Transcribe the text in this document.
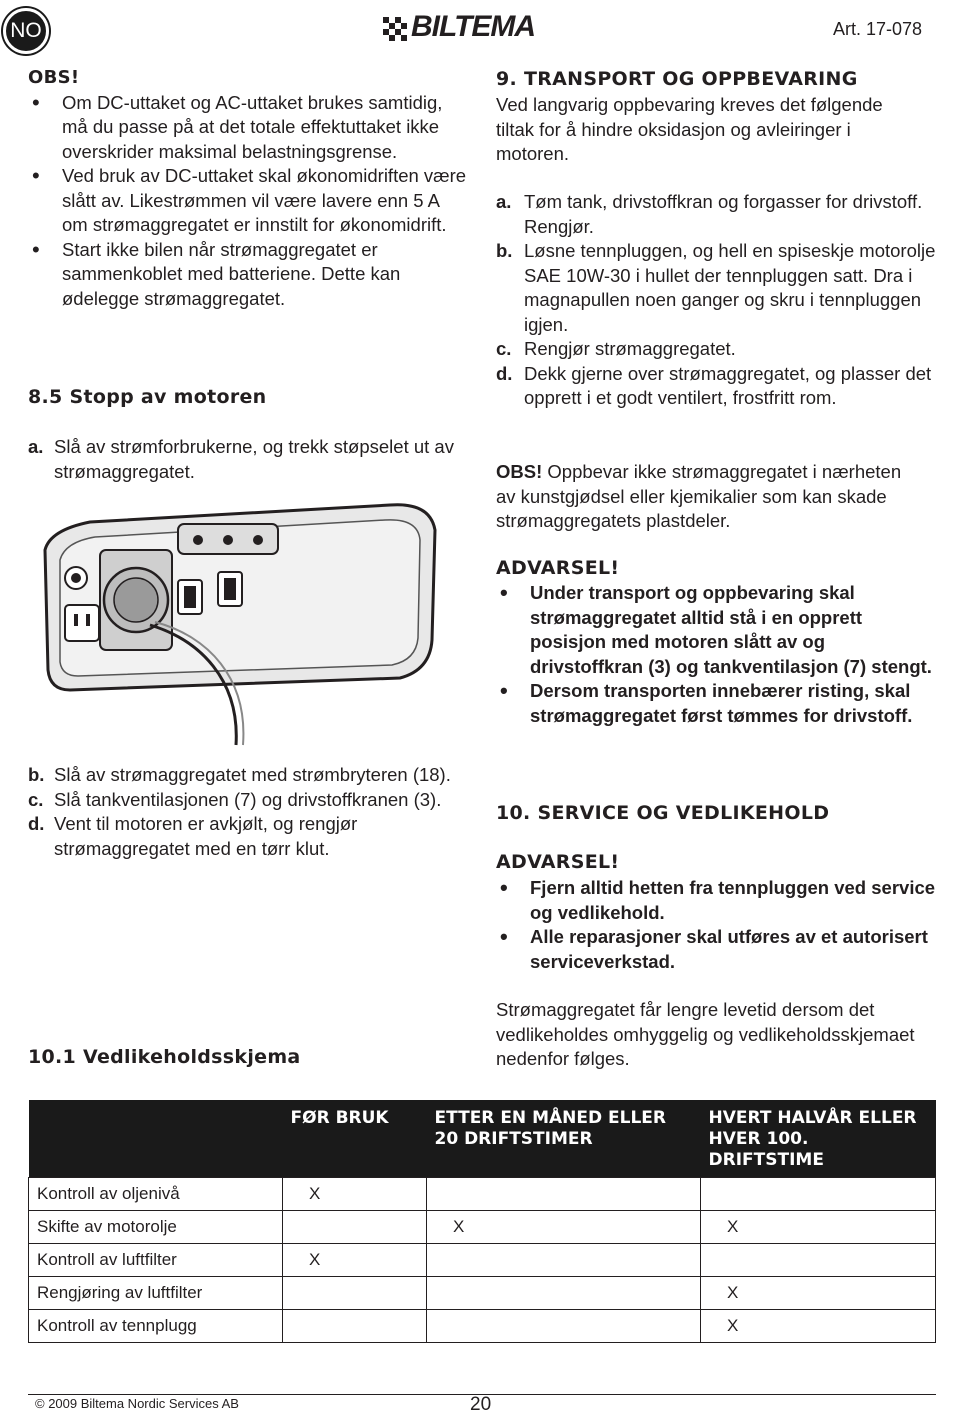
NO	BILTEMA	Art. 17-078
OBS!
• Om DC-uttaket og AC-uttaket brukes samtidig, må du passe på at det totale effektuttaket ikke overskrider maksimal belastningsgrense.
• Ved bruk av DC-uttaket skal økonomidriften være slått av. Likestrømmen vil være lavere enn 5 A om strømaggregatet er innstilt for økonomidrift.
• Start ikke bilen når strømaggregatet er sammenkoblet med batteriene. Dette kan ødelegge strømaggregatet.
8.5 Stopp av motoren
a. Slå av strømforbrukerne, og trekk støpselet ut av strømaggregatet.
b. Slå av strømaggregatet med strømbryteren (18).
c. Slå tankventilasjonen (7) og drivstoffkranen (3).
d. Vent til motoren er avkjølt, og rengjør strømaggregatet med en tørr klut.
10.1 Vedlikeholdsskjema
9. TRANSPORT OG OPPBEVARING
Ved langvarig oppbevaring kreves det følgende tiltak for å hindre oksidasjon og avleiringer i motoren.
a. Tøm tank, drivstoffkran og forgasser for drivstoff. Rengjør.
b. Løsne tennpluggen, og hell en spiseskje motorolje SAE 10W-30 i hullet der tennpluggen satt. Dra i magnapullen noen ganger og skru i tennpluggen igjen.
c. Rengjør strømaggregatet.
d. Dekk gjerne over strømaggregatet, og plasser det opprett i et godt ventilert, frostfritt rom.
OBS! Oppbevar ikke strømaggregatet i nærheten av kunstgjødsel eller kjemikalier som kan skade strømaggregatets plastdeler.
ADVARSEL!
• Under transport og oppbevaring skal strømaggregatet alltid stå i en opprett posisjon med motoren slått av og drivstoffkran (3) og tankventilasjon (7) stengt.
• Dersom transporten innebærer risting, skal strømaggregatet først tømmes for drivstoff.
10. SERVICE OG VEDLIKEHOLD
ADVARSEL!
• Fjern alltid hetten fra tennpluggen ved service og vedlikehold.
• Alle reparasjoner skal utføres av et autorisert serviceverkstad.
Strømaggregatet får lengre levetid dersom det vedlikeholdes omhyggelig og vedlikeholdsskjemaet nedenfor følges.
	FØR BRUK	ETTER EN MÅNED ELLER 20 DRIFTSTIMER	HVERT HALVÅR ELLER HVER 100. DRIFTSTIME
Kontroll av oljenivå	X		
Skifte av motorolje		X	X
Kontroll av luftfilter	X		
Rengjøring av luftfilter			X
Kontroll av tennplugg			X
© 2009 Biltema Nordic Services AB	20
